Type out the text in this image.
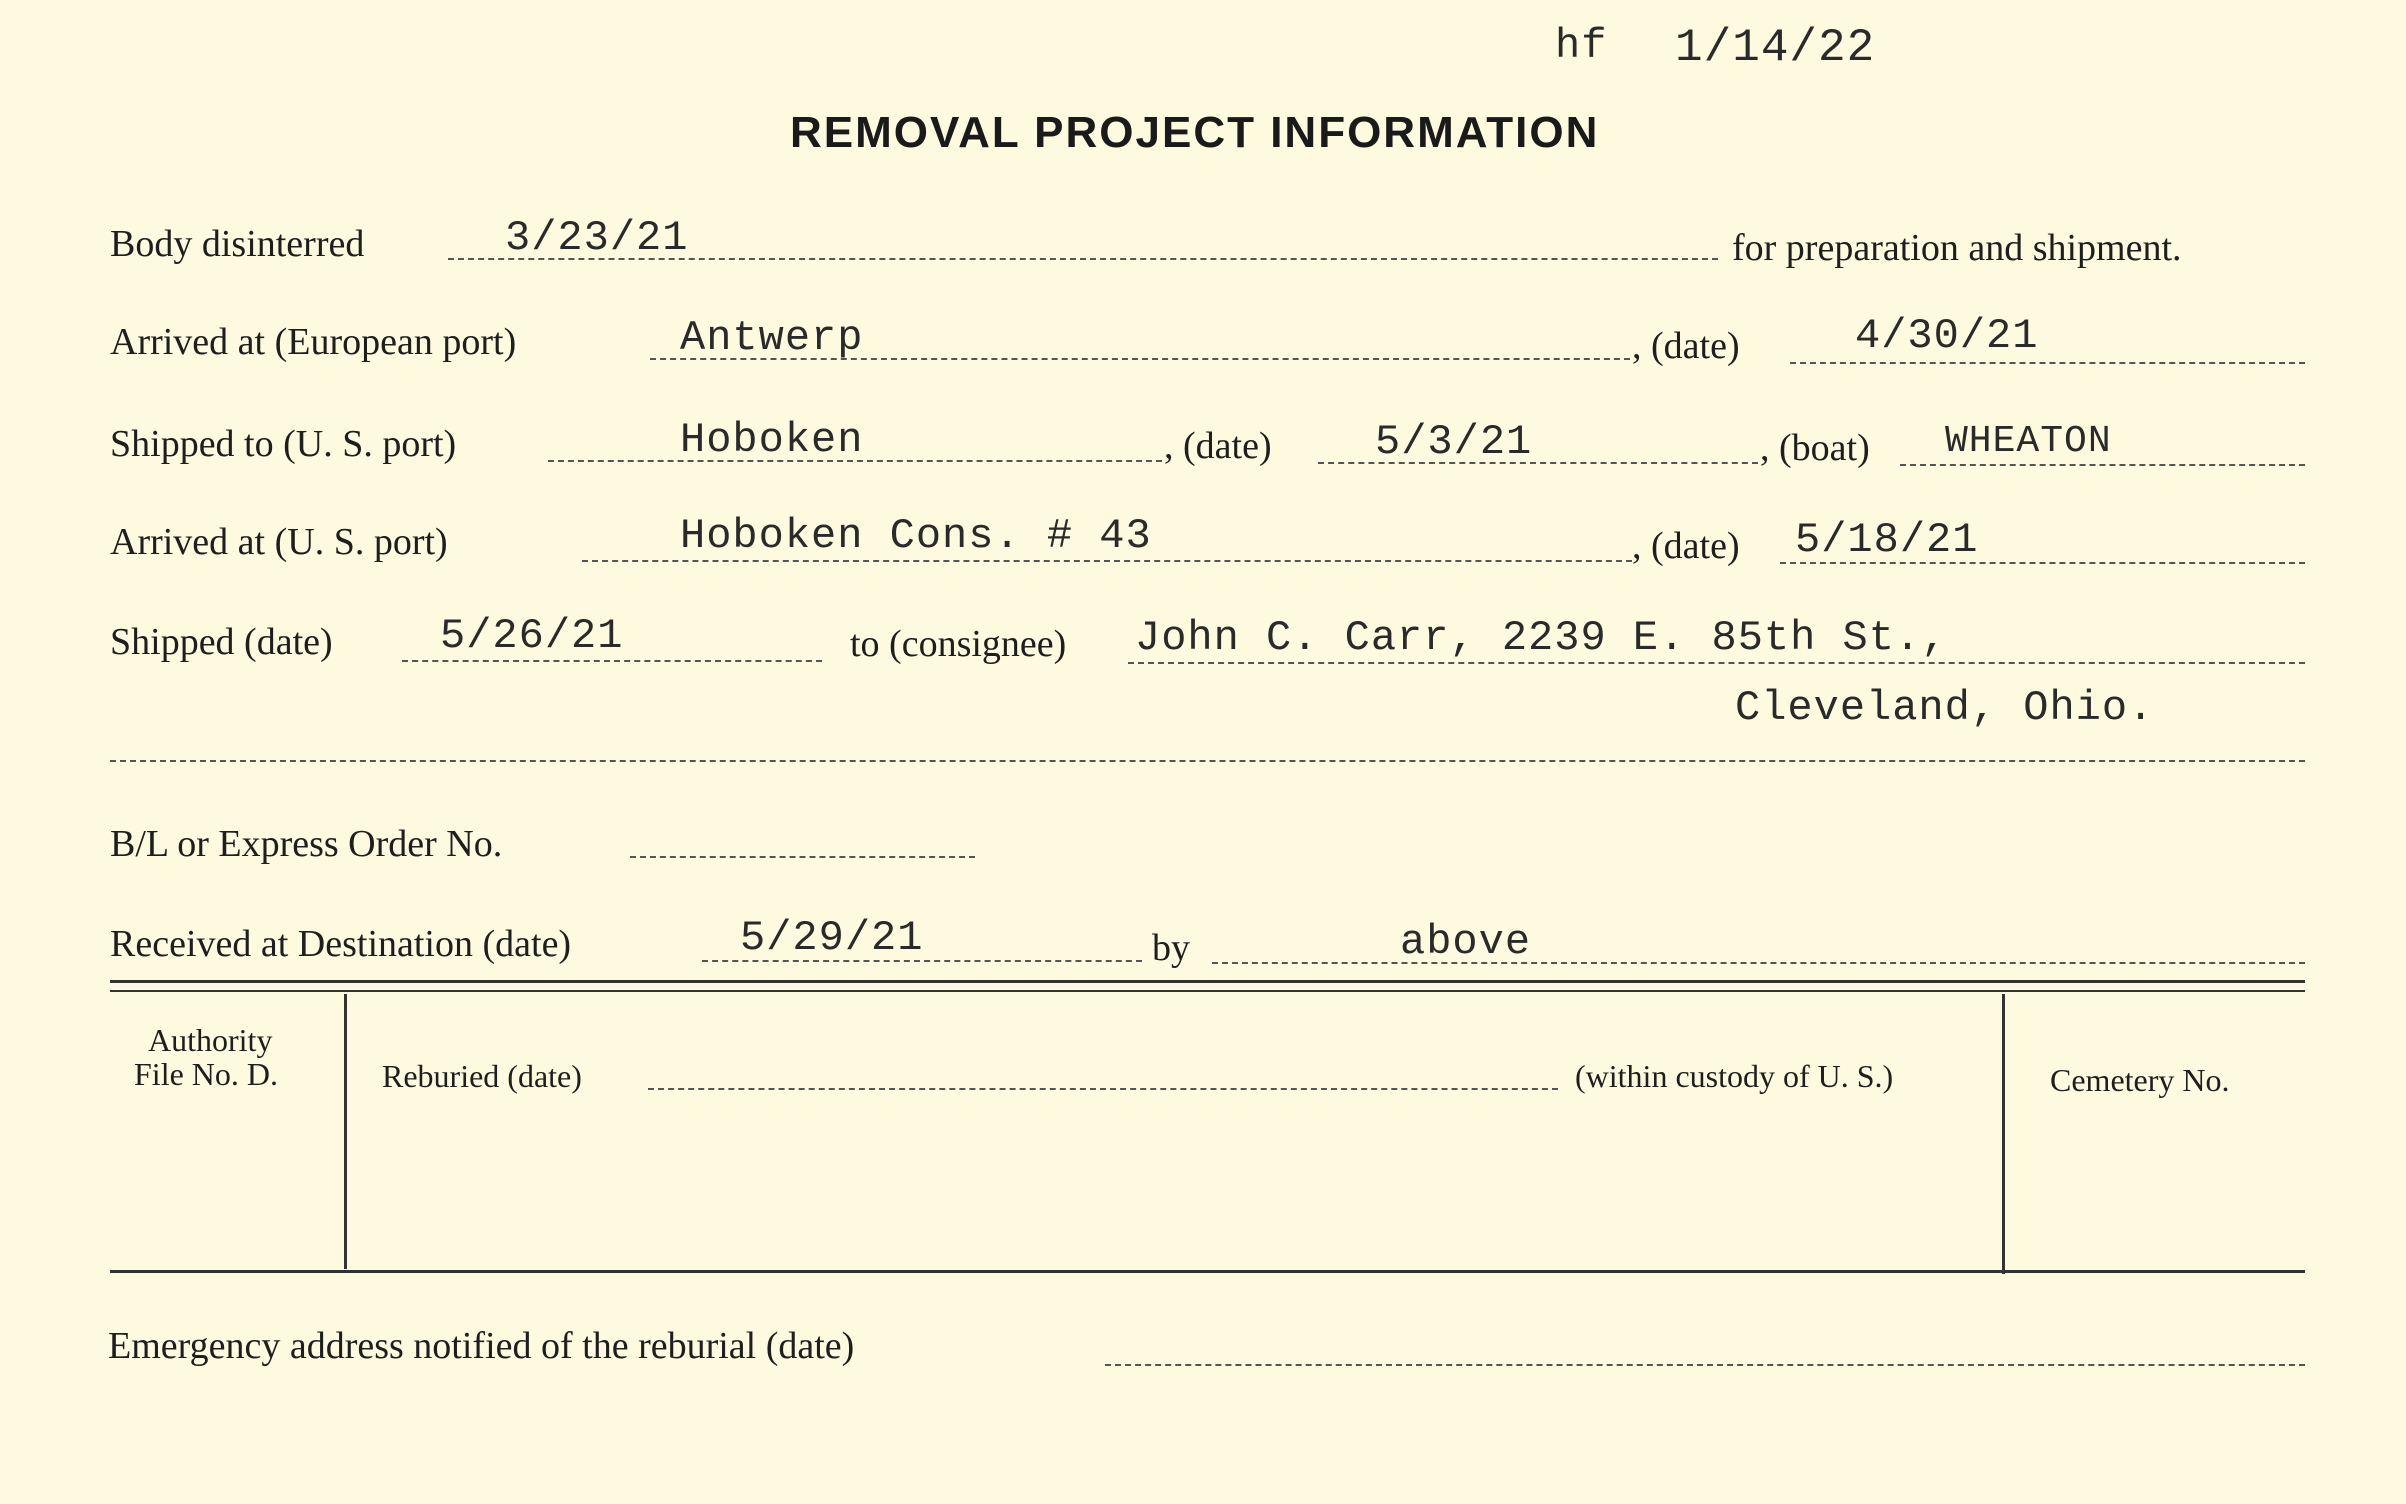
hf 1/14/22
REMOVAL PROJECT INFORMATION
Body disinterred	3/23/21	for preparation and shipment.
Arrived at (European port)	Antwerp	, (date)	4/30/21
Shipped to (U. S. port)	Hoboken	, (date) 5/3/21	, (boat) WHEATON
Arrived at (U. S. port)	Hoboken Cons. # 43	, (date) 5/18/21
Shipped (date)	5/26/21	to (consignee) John C. Carr, 2239 E. 85th St.,
Cleveland, Ohio.
B/L or Express Order No.
Received at Destination (date)	5/29/21	by	above
Authority
File No. D.	Reburied (date)	(within custody of U. S.)	Cemetery No.
Emergency address notified of the reburial (date)
